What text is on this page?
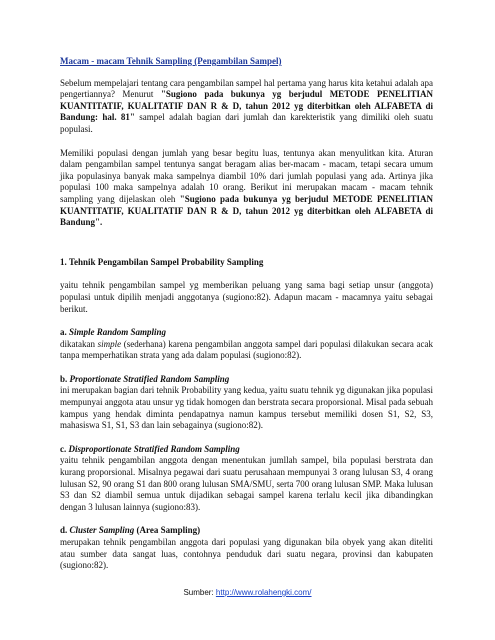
Macam - macam Tehnik Sampling (Pengambilan Sampel)

Sebelum mempelajari tentang cara pengambilan sampel hal pertama yang harus kita ketahui adalah apa pengertiannya? Menurut "Sugiono pada bukunya yg berjudul METODE PENELITIAN KUANTITATIF, KUALITATIF DAN R & D, tahun 2012 yg diterbitkan oleh ALFABETA di Bandung: hal. 81" sampel adalah bagian dari jumlah dan karekteristik yang dimiliki oleh suatu populasi.

Memiliki populasi dengan jumlah yang besar begitu luas, tentunya akan menyulitkan kita. Aturan dalam pengambilan sampel tentunya sangat beragam alias ber-macam - macam, tetapi secara umum jika populasinya banyak maka sampelnya diambil 10% dari jumlah populasi yang ada. Artinya jika populasi 100 maka sampelnya adalah 10 orang. Berikut ini merupakan macam - macam tehnik sampling yang dijelaskan oleh "Sugiono pada bukunya yg berjudul METODE PENELITIAN KUANTITATIF, KUALITATIF DAN R & D, tahun 2012 yg diterbitkan oleh ALFABETA di Bandung".

1. Tehnik Pengambilan Sampel Probability Sampling

yaitu tehnik pengambilan sampel yg memberikan peluang yang sama bagi setiap unsur (anggota) populasi untuk dipilih menjadi anggotanya (sugiono:82). Adapun macam - macamnya yaitu sebagai berikut.

a. Simple Random Sampling

dikatakan simple (sederhana) karena pengambilan anggota sampel dari populasi dilakukan secara acak tanpa memperhatikan strata yang ada dalam populasi (sugiono:82).

b. Proportionate Stratified Random Sampling

ini merupakan bagian dari tehnik Probability yang kedua, yaitu suatu tehnik yg digunakan jika populasi mempunyai anggota atau unsur yg tidak homogen dan berstrata secara proporsional. Misal pada sebuah kampus yang hendak diminta pendapatnya namun kampus tersebut memiliki dosen S1, S2, S3, mahasiswa S1, S1, S3 dan lain sebagainya (sugiono:82).

c. Disproportionate Stratified Random Sampling

yaitu tehnik pengambilan anggota dengan menentukan jumllah sampel, bila populasi berstrata dan kurang proporsional. Misalnya pegawai dari suatu perusahaan mempunyai 3 orang lulusan S3, 4 orang lulusan S2, 90 orang S1 dan 800 orang lulusan SMA/SMU, serta 700 orang lulusan SMP. Maka lulusan S3 dan S2 diambil semua untuk dijadikan sebagai sampel karena terlalu kecil jika dibandingkan dengan 3 lulusan lainnya (sugiono:83).

d. Cluster Sampling (Area Sampling)

merupakan tehnik pengambilan anggota dari populasi yang digunakan bila obyek yang akan diteliti atau sumber data sangat luas, contohnya penduduk dari suatu negara, provinsi dan kabupaten (sugiono:82).

Sumber: http://www.rolahengki.com/
